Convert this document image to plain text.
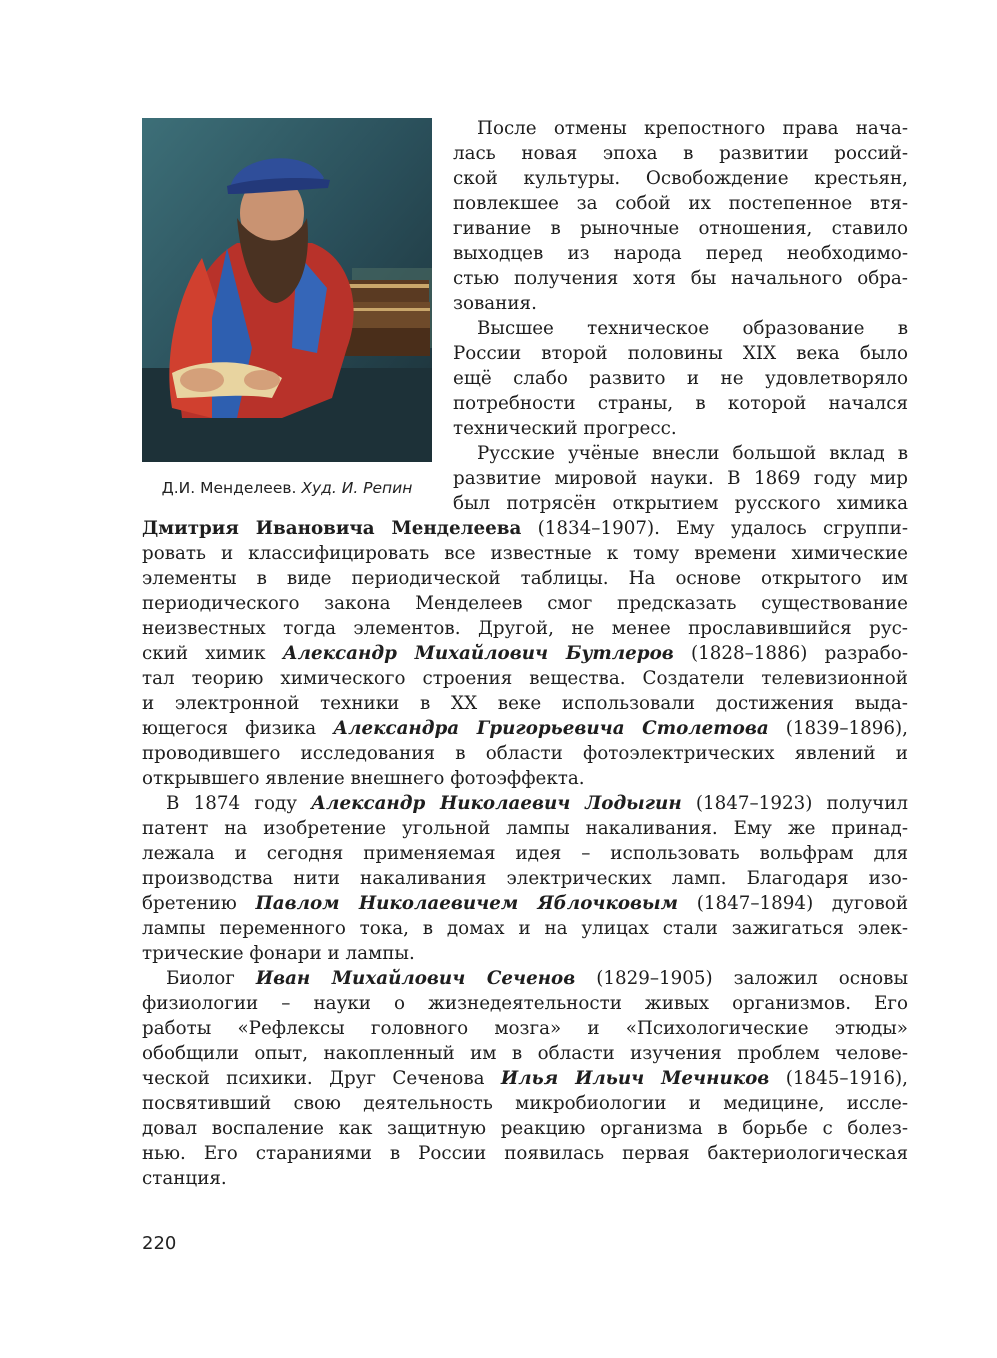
Д.И. Менделеев. Худ. И. Репин
После отмены крепостного права нача-
лась новая эпоха в развитии россий-
ской культуры. Освобождение крестьян,
повлекшее за собой их постепенное втя-
гивание в рыночные отношения, ставило
выходцев из народа перед необходимо-
стью получения хотя бы начального обра-
зования.
Высшее техническое образование в
России второй половины XIX века было
ещё слабо развито и не удовлетворяло
потребности страны, в которой начался
технический прогресс.
Русские учёные внесли большой вклад в
развитие мировой науки. В 1869 году мир
был потрясён открытием русского химика
Дмитрия Ивановича Менделеева (1834–1907). Ему удалось сгруппи-
ровать и классифицировать все известные к тому времени химические
элементы в виде периодической таблицы. На основе открытого им
периодического закона Менделеев смог предсказать существование
неизвестных тогда элементов. Другой, не менее прославившийся рус-
ский химик Александр Михайлович Бутлеров (1828–1886) разрабо-
тал теорию химического строения вещества. Создатели телевизионной
и электронной техники в XX веке использовали достижения выда-
ющегося физика Александра Григорьевича Столетова (1839–1896),
проводившего исследования в области фотоэлектрических явлений и
открывшего явление внешнего фотоэффекта.
В 1874 году Александр Николаевич Лодыгин (1847–1923) получил
патент на изобретение угольной лампы накаливания. Ему же принад-
лежала и сегодня применяемая идея – использовать вольфрам для
производства нити накаливания электрических ламп. Благодаря изо-
бретению Павлом Николаевичем Яблочковым (1847–1894) дуговой
лампы переменного тока, в домах и на улицах стали зажигаться элек-
трические фонари и лампы.
Биолог Иван Михайлович Сеченов (1829–1905) заложил основы
физиологии – науки о жизнедеятельности живых организмов. Его
работы «Рефлексы головного мозга» и «Психологические этюды»
обобщили опыт, накопленный им в области изучения проблем челове-
ческой психики. Друг Сеченова Илья Ильич Мечников (1845–1916),
посвятивший свою деятельность микробиологии и медицине, иссле-
довал воспаление как защитную реакцию организма в борьбе с болез-
нью. Его стараниями в России появилась первая бактериологическая
станция.
220
